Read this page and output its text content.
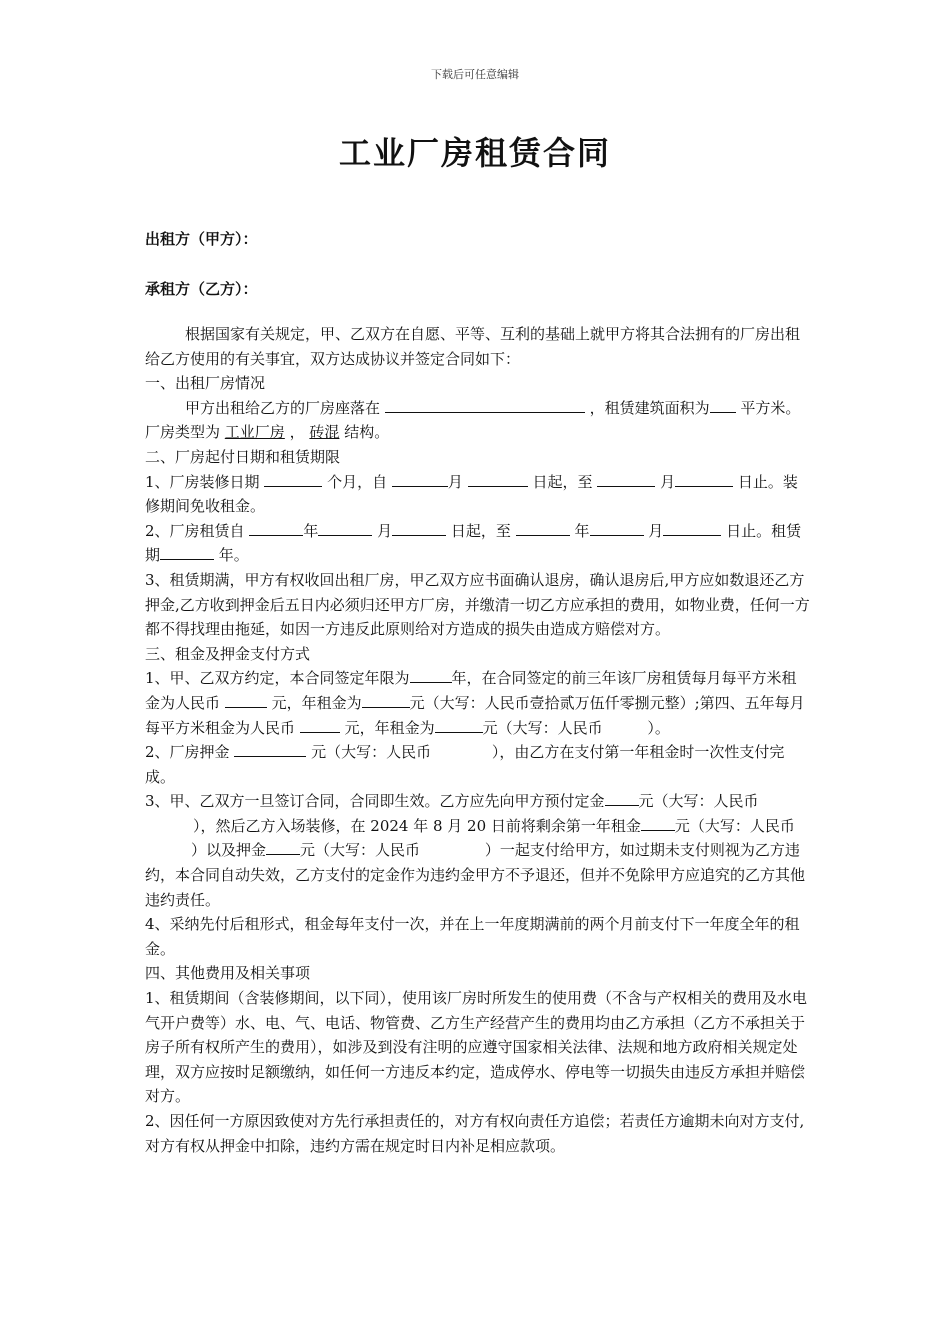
下载后可任意编辑
工业厂房租赁合同
出租方（甲方）：
承租方（乙方）：

根据国家有关规定，甲、乙双方在自愿、平等、互利的基础上就甲方将其合法拥有的厂房出租给乙方使用的有关事宜，双方达成协议并签定合同如下：

一、出租厂房情况

甲方出租给乙方的厂房座落在	，租赁建筑面积为 平方米。厂房类型为 工业厂房 ， 砖混 结构。

二、厂房起付日期和租赁期限

1、厂房装修日期	个月，自	月	日起，至	月	日止。装修期间免收租金。

2、厂房租赁自	年	月	日起，至	年	月	日止。租赁期	年。

3、租赁期满，甲方有权收回出租厂房，甲乙双方应书面确认退房，确认退房后,甲方应如数退还乙方押金,乙方收到押金后五日内必须归还甲方厂房，并缴清一切乙方应承担的费用，如物业费，任何一方都不得找理由拖延，如因一方违反此原则给对方造成的损失由造成方赔偿对方。

三、租金及押金支付方式

1、甲、乙双方约定，本合同签定年限为	年，在合同签定的前三年该厂房租赁每月每平方米租金为人民币	元，年租金为	元（大写：人民币壹拾贰万伍仟零捌元整）;第四、五年每月每平方米租金为人民币	元，年租金为	元（大写：人民币	）。

2、厂房押金	元（大写：人民币	），由乙方在支付第一年租金时一次性支付完成。

3、甲、乙双方一旦签订合同，合同即生效。乙方应先向甲方预付定金 元（大写：人民币 ），然后乙方入场装修，在 2024 年 8 月 20 日前将剩余第一年租金 元（大写：人民币 ）以及押金 元（大写：人民币	）一起支付给甲方，如过期未支付则视为乙方违约，本合同自动失效，乙方支付的定金作为违约金甲方不予退还，但并不免除甲方应追究的乙方其他违约责任。

4、采纳先付后租形式，租金每年支付一次，并在上一年度期满前的两个月前支付下一年度全年的租金。

四、其他费用及相关事项

1、租赁期间（含装修期间，以下同），使用该厂房时所发生的使用费（不含与产权相关的费用及水电气开户费等）水、电、气、电话、物管费、乙方生产经营产生的费用均由乙方承担（乙方不承担关于房子所有权所产生的费用），如涉及到没有注明的应遵守国家相关法律、法规和地方政府相关规定处理，双方应按时足额缴纳，如任何一方违反本约定，造成停水、停电等一切损失由违反方承担并赔偿对方。

2、因任何一方原因致使对方先行承担责任的，对方有权向责任方追偿；若责任方逾期未向对方支付,对方有权从押金中扣除，违约方需在规定时日内补足相应款项。
